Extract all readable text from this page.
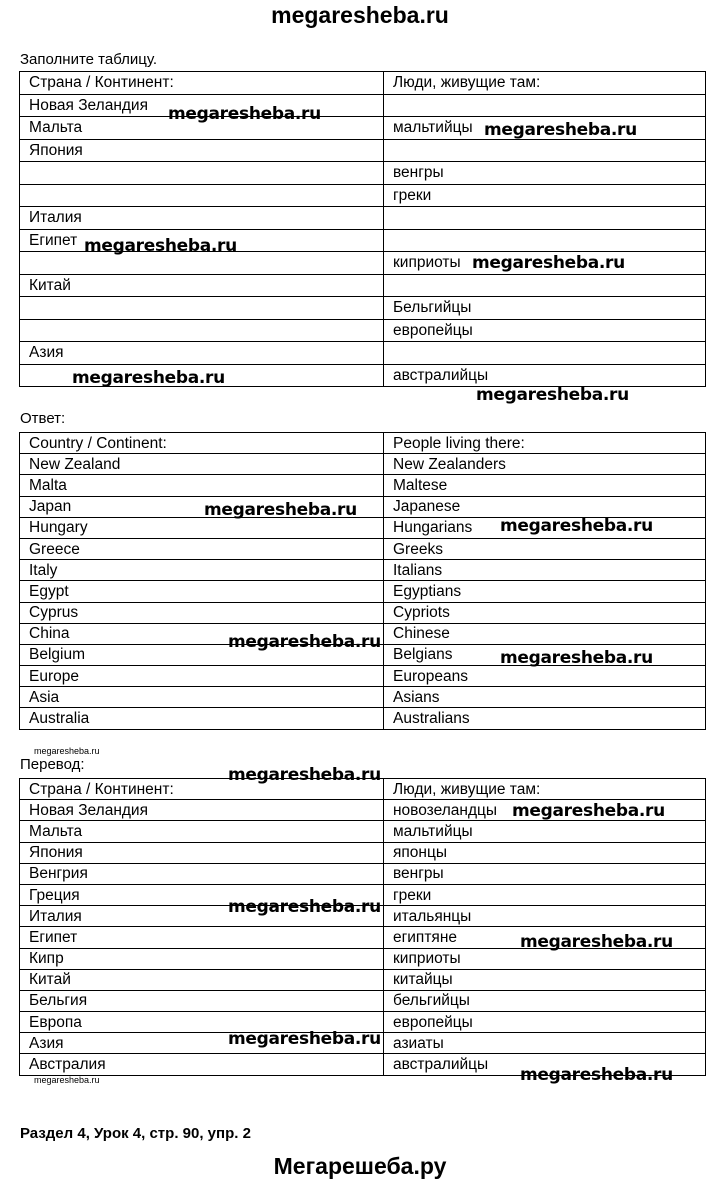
megaresheba.ru
Заполните таблицу.
Страна / Континент:	Люди, живущие там:
Новая Зеландия	
Мальта	мальтийцы
Япония	
	венгры
	греки
Италия	
Египет	
	киприоты
Китай	
	Бельгийцы
	европейцы
Азия	
	австралийцы
Ответ:
Country / Continent:	People living there:
New Zealand	New Zealanders
Malta	Maltese
Japan	Japanese
Hungary	Hungarians
Greece	Greeks
Italy	Italians
Egypt	Egyptians
Cyprus	Cypriots
China	Chinese
Belgium	Belgians
Europe	Europeans
Asia	Asians
Australia	Australians
megaresheba.ru
Перевод:
Страна / Континент:	Люди, живущие там:
Новая Зеландия	новозеландцы
Мальта	мальтийцы
Япония	японцы
Венгрия	венгры
Греция	греки
Италия	итальянцы
Египет	египтяне
Кипр	киприоты
Китай	китайцы
Бельгия	бельгийцы
Европа	европейцы
Азия	азиаты
Австралия	австралийцы
megaresheba.ru
megaresheba.ru
megaresheba.ru
megaresheba.ru
megaresheba.ru
megaresheba.ru
megaresheba.ru
megaresheba.ru
megaresheba.ru
megaresheba.ru
megaresheba.ru
megaresheba.ru
megaresheba.ru
megaresheba.ru
megaresheba.ru
megaresheba.ru
megaresheba.ru
Раздел 4, Урок 4, стр. 90, упр. 2
Мегарешеба.ру
